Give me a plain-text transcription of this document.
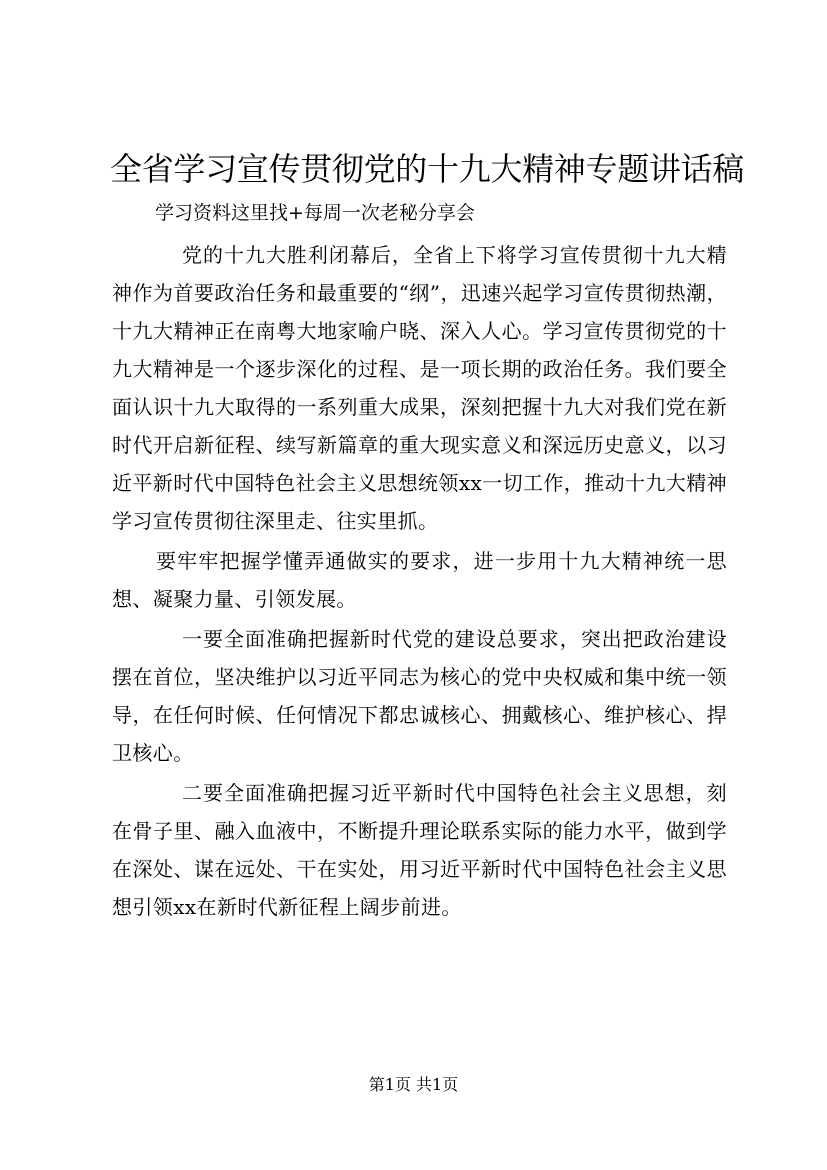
全省学习宣传贯彻党的十九大精神专题讲话稿
学习资料这里找+每周一次老秘分享会

党的十九大胜利闭幕后，全省上下将学习宣传贯彻十九大精神作为首要政治任务和最重要的“纲”，迅速兴起学习宣传贯彻热潮，十九大精神正在南粤大地家喻户晓、深入人心。学习宣传贯彻党的十九大精神是一个逐步深化的过程、是一项长期的政治任务。我们要全面认识十九大取得的一系列重大成果，深刻把握十九大对我们党在新时代开启新征程、续写新篇章的重大现实意义和深远历史意义，以习近平新时代中国特色社会主义思想统领xx一切工作，推动十九大精神学习宣传贯彻往深里走、往实里抓。

要牢牢把握学懂弄通做实的要求，进一步用十九大精神统一思想、凝聚力量、引领发展。

一要全面准确把握新时代党的建设总要求，突出把政治建设摆在首位，坚决维护以习近平同志为核心的党中央权威和集中统一领导，在任何时候、任何情况下都忠诚核心、拥戴核心、维护核心、捍卫核心。

二要全面准确把握习近平新时代中国特色社会主义思想，刻在骨子里、融入血液中，不断提升理论联系实际的能力水平，做到学在深处、谋在远处、干在实处，用习近平新时代中国特色社会主义思想引领xx在新时代新征程上阔步前进。

第1页 共1页
